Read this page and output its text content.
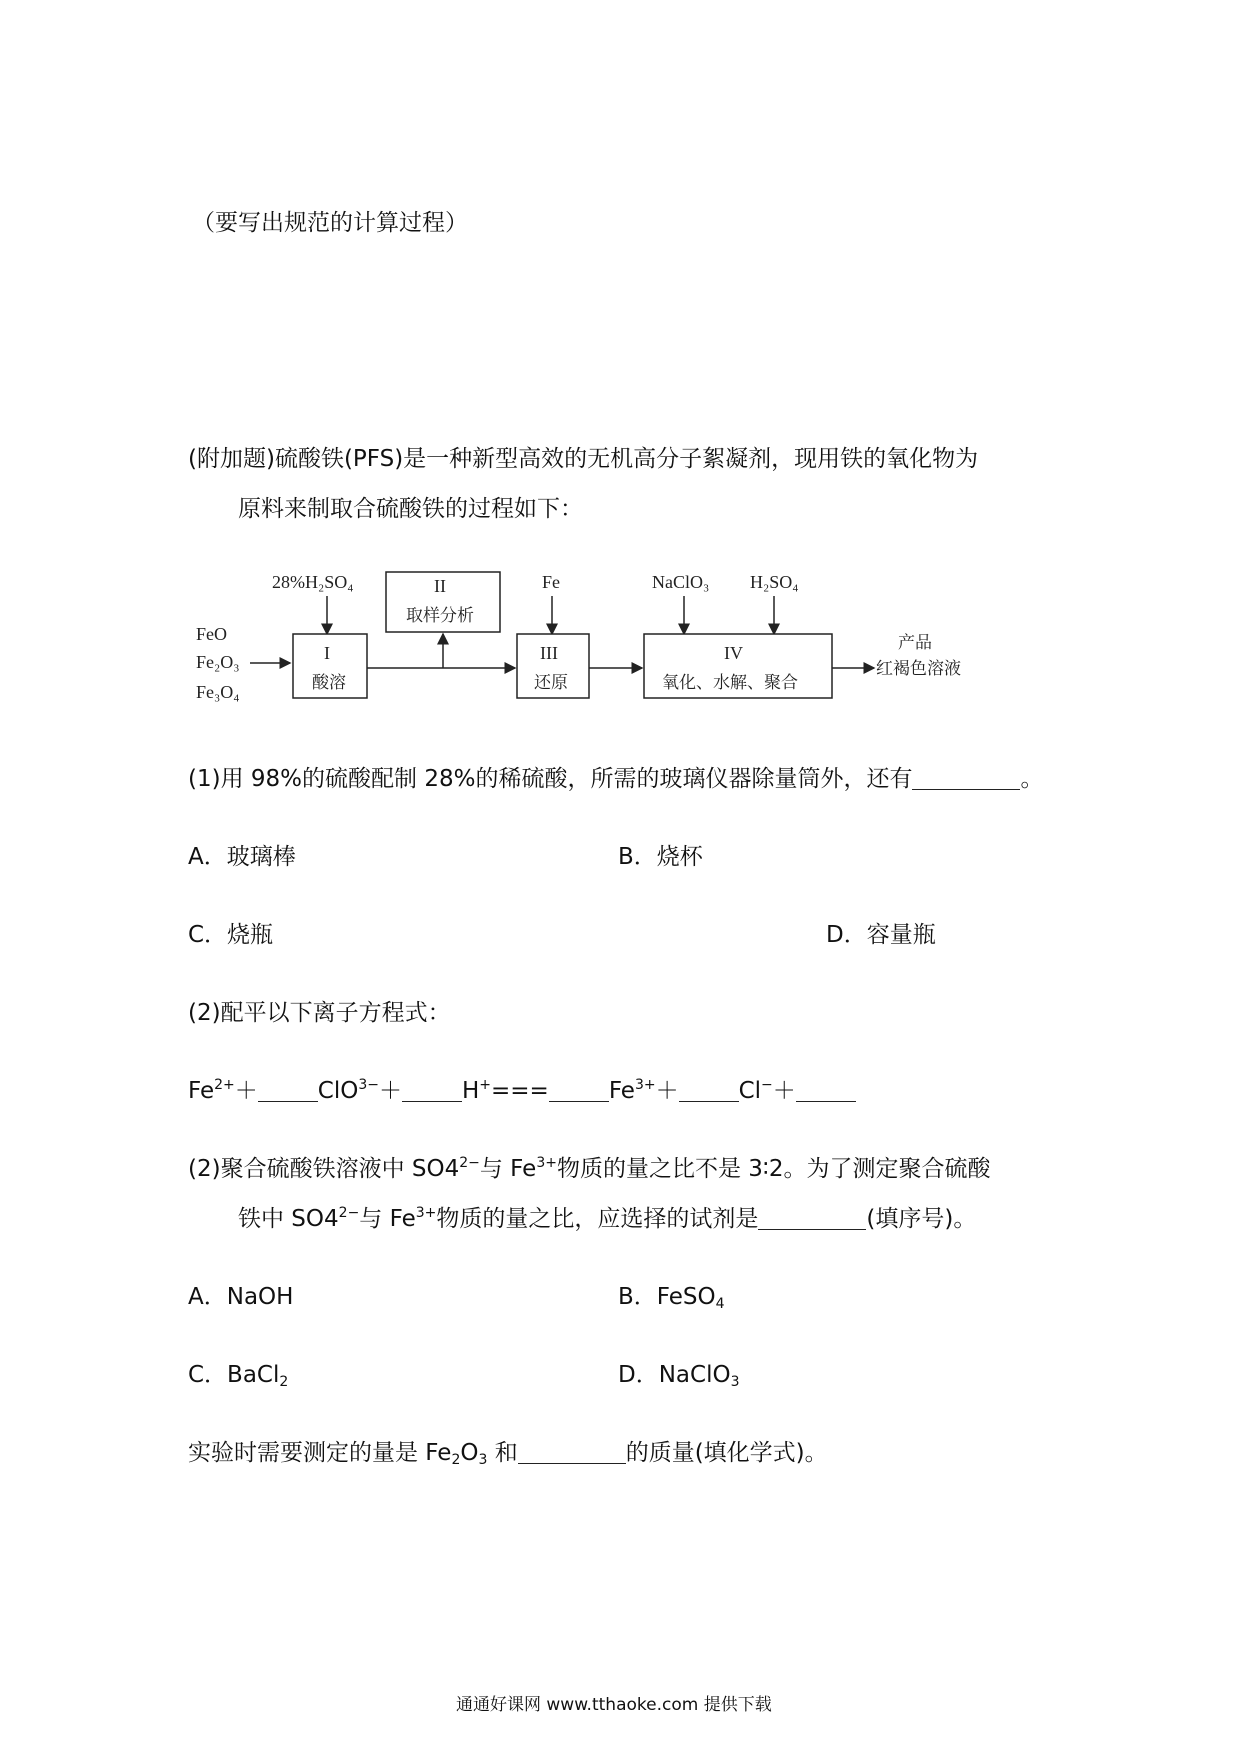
（要写出规范的计算过程）
(附加题)硫酸铁(PFS)是一种新型高效的无机高分子絮凝剂，现用铁的氧化物为
原料来制取合硫酸铁的过程如下：
FeO
Fe₂O₃
Fe₃O₄
28%H₂SO₄
I
酸溶
II
取样分析
Fe
III
还原
NaClO₃ H₂SO₄
IV
氧化、水解、聚合
产品
红褐色溶液
(1)用 98%的硫酸配制 28%的稀硫酸，所需的玻璃仪器除量筒外，还有	。
A．玻璃棒	B．烧杯
C．烧瓶	D．容量瓶
(2)配平以下离子方程式：
$Fe^{2+}+$	ClO$^{3-}$＋	H+===	$Fe^{3+}+$	Cl−＋
(2)聚合硫酸铁溶液中 $SO4^{2-}$与 $Fe^{3+}$物质的量之比不是 3∶2。为了测定聚合硫酸
铁中 $SO4^{2-}$与 $Fe^{3+}$物质的量之比，应选择的试剂是	(填序号)。
A．NaOH	B．FeSO$_4$
C．BaCl$_2$	D．NaClO$_3$
实验时需要测定的量是 $Fe_2O_3$ 和	的质量(填化学式)。
通通好课网 www.tthaoke.com 提供下载
